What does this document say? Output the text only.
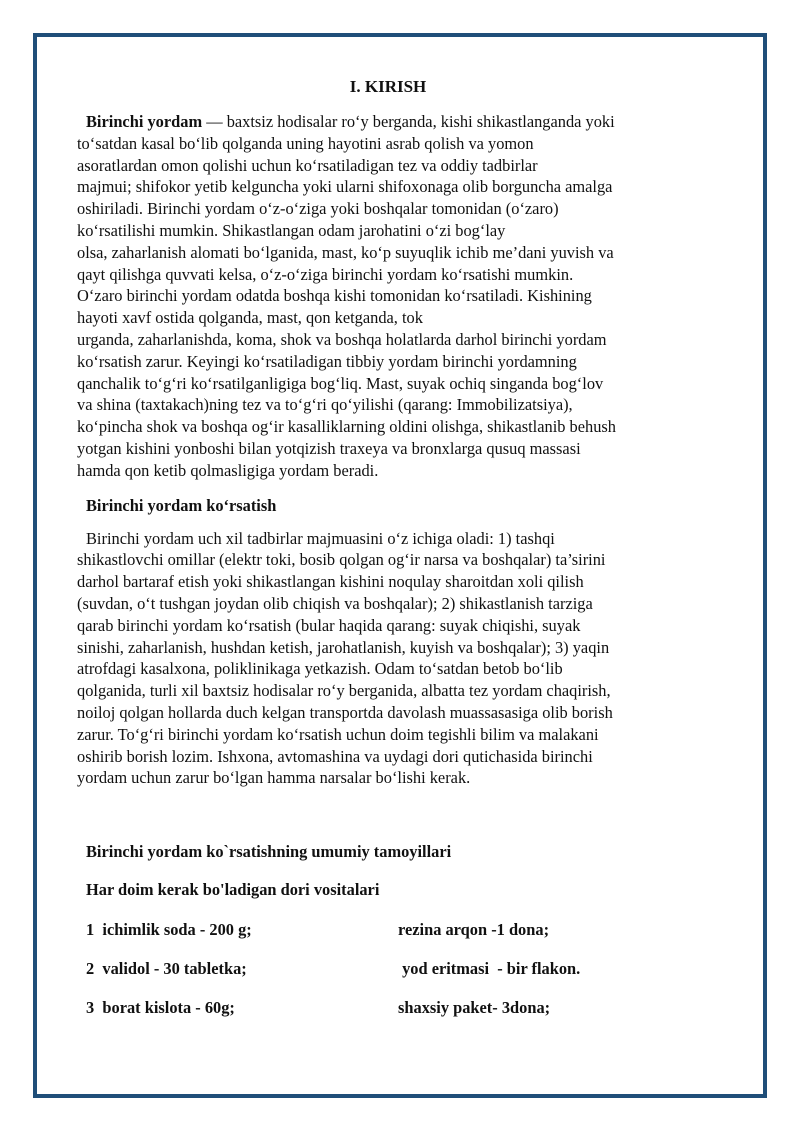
I. KIRISH
Birinchi yordam — baxtsiz hodisalar ro‘y berganda, kishi shikastlanganda yoki
to‘satdan kasal bo‘lib qolganda uning hayotini asrab qolish va yomon
asoratlardan omon qolishi uchun ko‘rsatiladigan tez va oddiy tadbirlar
majmui; shifokor yetib kelguncha yoki ularni shifoxonaga olib borguncha amalga
oshiriladi. Birinchi yordam o‘z-o‘ziga yoki boshqalar tomonidan (o‘zaro)
ko‘rsatilishi mumkin. Shikastlangan odam jarohatini o‘zi bog‘lay
olsa, zaharlanish alomati bo‘lganida, mast, ko‘p suyuqlik ichib me’dani yuvish va
qayt qilishga quvvati kelsa, o‘z-o‘ziga birinchi yordam ko‘rsatishi mumkin.
O‘zaro birinchi yordam odatda boshqa kishi tomonidan ko‘rsatiladi. Kishining
hayoti xavf ostida qolganda, mast, qon ketganda, tok
urganda, zaharlanishda, koma, shok va boshqa holatlarda darhol birinchi yordam
ko‘rsatish zarur. Keyingi ko‘rsatiladigan tibbiy yordam birinchi yordamning
qanchalik to‘g‘ri ko‘rsatilganligiga bog‘liq. Mast, suyak ochiq singanda bog‘lov
va shina (taxtakach)ning tez va to‘g‘ri qo‘yilishi (qarang: Immobilizatsiya),
ko‘pincha shok va boshqa og‘ir kasalliklarning oldini olishga, shikastlanib behush
yotgan kishini yonboshi bilan yotqizish traxeya va bronxlarga qusuq massasi
hamda qon ketib qolmasligiga yordam beradi.
Birinchi yordam ko‘rsatish
Birinchi yordam uch xil tadbirlar majmuasini o‘z ichiga oladi: 1) tashqi
shikastlovchi omillar (elektr toki, bosib qolgan og‘ir narsa va boshqalar) ta’sirini
darhol bartaraf etish yoki shikastlangan kishini noqulay sharoitdan xoli qilish
(suvdan, o‘t tushgan joydan olib chiqish va boshqalar); 2) shikastlanish tarziga
qarab birinchi yordam ko‘rsatish (bular haqida qarang: suyak chiqishi, suyak
sinishi, zaharlanish, hushdan ketish, jarohatlanish, kuyish va boshqalar); 3) yaqin
atrofdagi kasalxona, poliklinikaga yetkazish. Odam to‘satdan betob bo‘lib
qolganida, turli xil baxtsiz hodisalar ro‘y berganida, albatta tez yordam chaqirish,
noiloj qolgan hollarda duch kelgan transportda davolash muassasasiga olib borish
zarur. To‘g‘ri birinchi yordam ko‘rsatish uchun doim tegishli bilim va malakani
oshirib borish lozim. Ishxona, avtomashina va uydagi dori qutichasida birinchi
yordam uchun zarur bo‘lgan hamma narsalar bo‘lishi kerak.
Birinchi yordam ko`rsatishning umumiy tamoyillari
Har doim kerak bo'ladigan dori vositalari
1  ichimlik soda - 200 g;	rezina arqon -1 dona;
2  validol - 30 tabletka;	yod eritmasi  - bir flakon.
3  borat kislota - 60g;	shaxsiy paket- 3dona;
